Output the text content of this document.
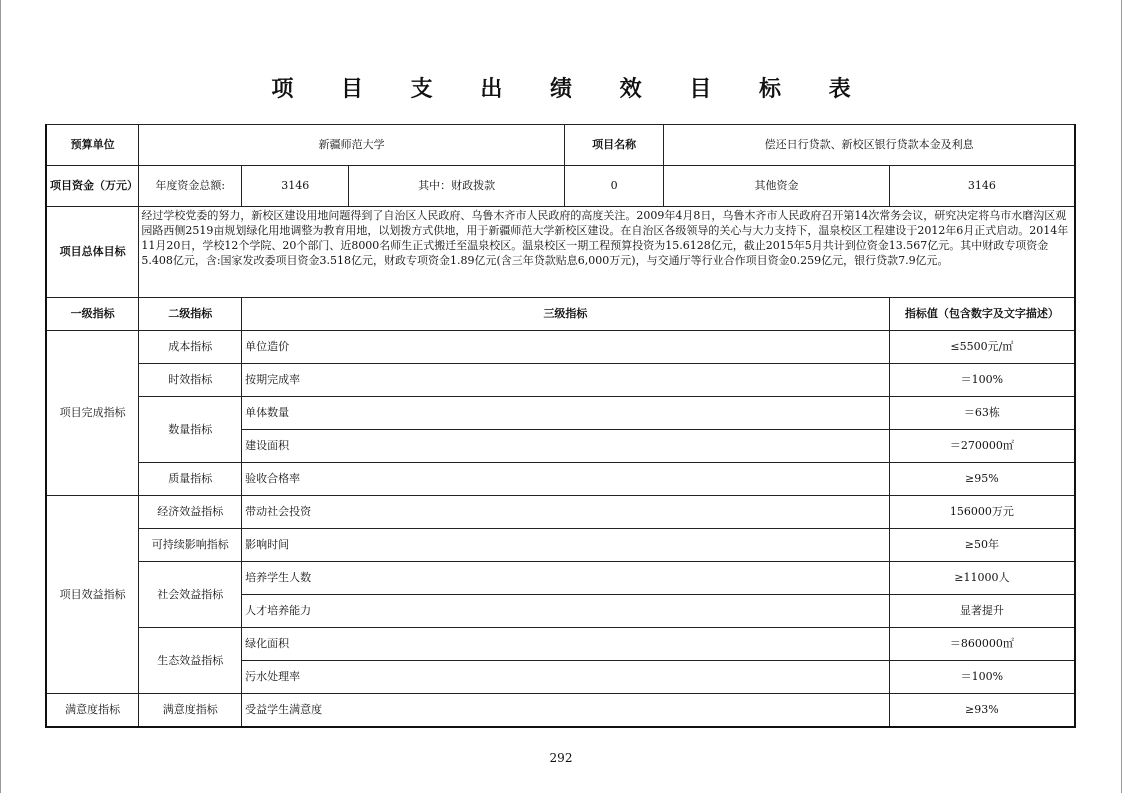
项 目 支 出 绩 效 目 标 表
预算单位	新疆师范大学			项目名称	偿还日行贷款、新校区银行贷款本金及利息	
项目资金（万元）	年度资金总额:	3146	其中：财政拨款	0	其他资金	3146
项目总体目标	经过学校党委的努力，新校区建设用地问题得到了自治区人民政府、乌鲁木齐市人民政府的高度关注。2009年4月8日，乌鲁木齐市人民政府召开第14次常务会议，研究决定将乌市水磨沟区观园路西侧2519亩规划绿化用地调整为教育用地，以划拨方式供地，用于新疆师范大学新校区建设。在自治区各级领导的关心与大力支持下，温泉校区工程建设于2012年6月正式启动。2014年11月20日，学校12个学院、20个部门、近8000名师生正式搬迁至温泉校区。温泉校区一期工程预算投资为15.6128亿元，截止2015年5月共计到位资金13.567亿元。其中财政专项资金5.408亿元，含:国家发改委项目资金3.518亿元，财政专项资金1.89亿元(含三年贷款贴息6,000万元)，与交通厅等行业合作项目资金0.259亿元，银行贷款7.9亿元。					
一级指标	二级指标	三级指标				指标值（包含数字及文字描述）
项目完成指标	成本指标	单位造价				≤5500元/㎡
	时效指标	按期完成率				＝100%
	数量指标	单体数量				＝63栋
		建设面积				＝270000㎡
	质量指标	验收合格率				≥95%
项目效益指标	经济效益指标	带动社会投资				156000万元
	可持续影响指标	影响时间				≥50年
	社会效益指标	培养学生人数				≥11000人
		人才培养能力				显著提升
	生态效益指标	绿化面积				＝860000㎡
		污水处理率				＝100%
满意度指标	满意度指标	受益学生满意度				≥93%
292
